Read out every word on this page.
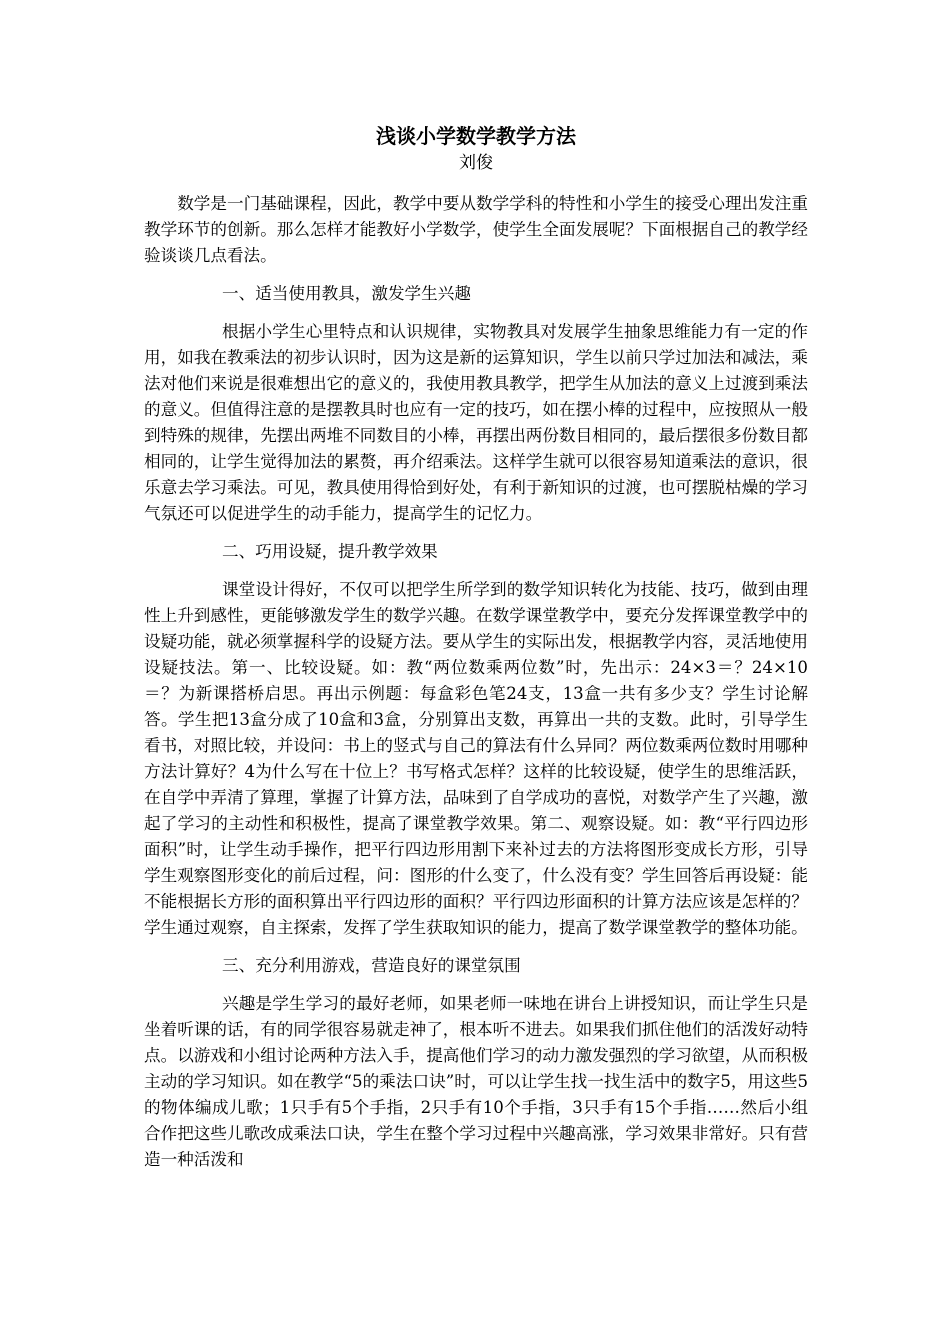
浅谈小学数学教学方法
刘俊

数学是一门基础课程，因此，教学中要从数学学科的特性和小学生的接受心理出发注重教学环节的创新。那么怎样才能教好小学数学，使学生全面发展呢？下面根据自己的教学经验谈谈几点看法。

一、适当使用教具，激发学生兴趣

根据小学生心里特点和认识规律，实物教具对发展学生抽象思维能力有一定的作用，如我在教乘法的初步认识时，因为这是新的运算知识，学生以前只学过加法和减法，乘法对他们来说是很难想出它的意义的，我使用教具教学，把学生从加法的意义上过渡到乘法的意义。但值得注意的是摆教具时也应有一定的技巧，如在摆小棒的过程中，应按照从一般到特殊的规律，先摆出两堆不同数目的小棒，再摆出两份数目相同的，最后摆很多份数目都相同的，让学生觉得加法的累赘，再介绍乘法。这样学生就可以很容易知道乘法的意识，很乐意去学习乘法。可见，教具使用得恰到好处，有利于新知识的过渡，也可摆脱枯燥的学习气氛还可以促进学生的动手能力，提高学生的记忆力。

二、巧用设疑，提升教学效果

课堂设计得好，不仅可以把学生所学到的数学知识转化为技能、技巧，做到由理性上升到感性，更能够激发学生的数学兴趣。在数学课堂教学中，要充分发挥课堂教学中的设疑功能，就必须掌握科学的设疑方法。要从学生的实际出发，根据教学内容，灵活地使用设疑技法。第一、比较设疑。如：教“两位数乘两位数”时，先出示：24×3＝？24×10＝？为新课搭桥启思。再出示例题：每盒彩色笔24支，13盒一共有多少支？学生讨论解答。学生把13盒分成了10盒和3盒，分别算出支数，再算出一共的支数。此时，引导学生看书，对照比较，并设问：书上的竖式与自己的算法有什么异同？两位数乘两位数时用哪种方法计算好？4为什么写在十位上？书写格式怎样？这样的比较设疑，使学生的思维活跃，在自学中弄清了算理，掌握了计算方法，品味到了自学成功的喜悦，对数学产生了兴趣，激起了学习的主动性和积极性，提高了课堂教学效果。第二、观察设疑。如：教“平行四边形面积”时，让学生动手操作，把平行四边形用割下来补过去的方法将图形变成长方形，引导学生观察图形变化的前后过程，问：图形的什么变了，什么没有变？学生回答后再设疑：能不能根据长方形的面积算出平行四边形的面积？平行四边形面积的计算方法应该是怎样的？学生通过观察，自主探索，发挥了学生获取知识的能力，提高了数学课堂教学的整体功能。

三、充分利用游戏，营造良好的课堂氛围

兴趣是学生学习的最好老师，如果老师一味地在讲台上讲授知识，而让学生只是坐着听课的话，有的同学很容易就走神了，根本听不进去。如果我们抓住他们的活泼好动特点。以游戏和小组讨论两种方法入手，提高他们学习的动力激发强烈的学习欲望，从而积极主动的学习知识。如在教学“5的乘法口诀”时，可以让学生找一找生活中的数字5，用这些5的物体编成儿歌；1只手有5个手指，2只手有10个手指，3只手有15个手指……然后小组合作把这些儿歌改成乘法口诀，学生在整个学习过程中兴趣高涨，学习效果非常好。只有营造一种活泼和
